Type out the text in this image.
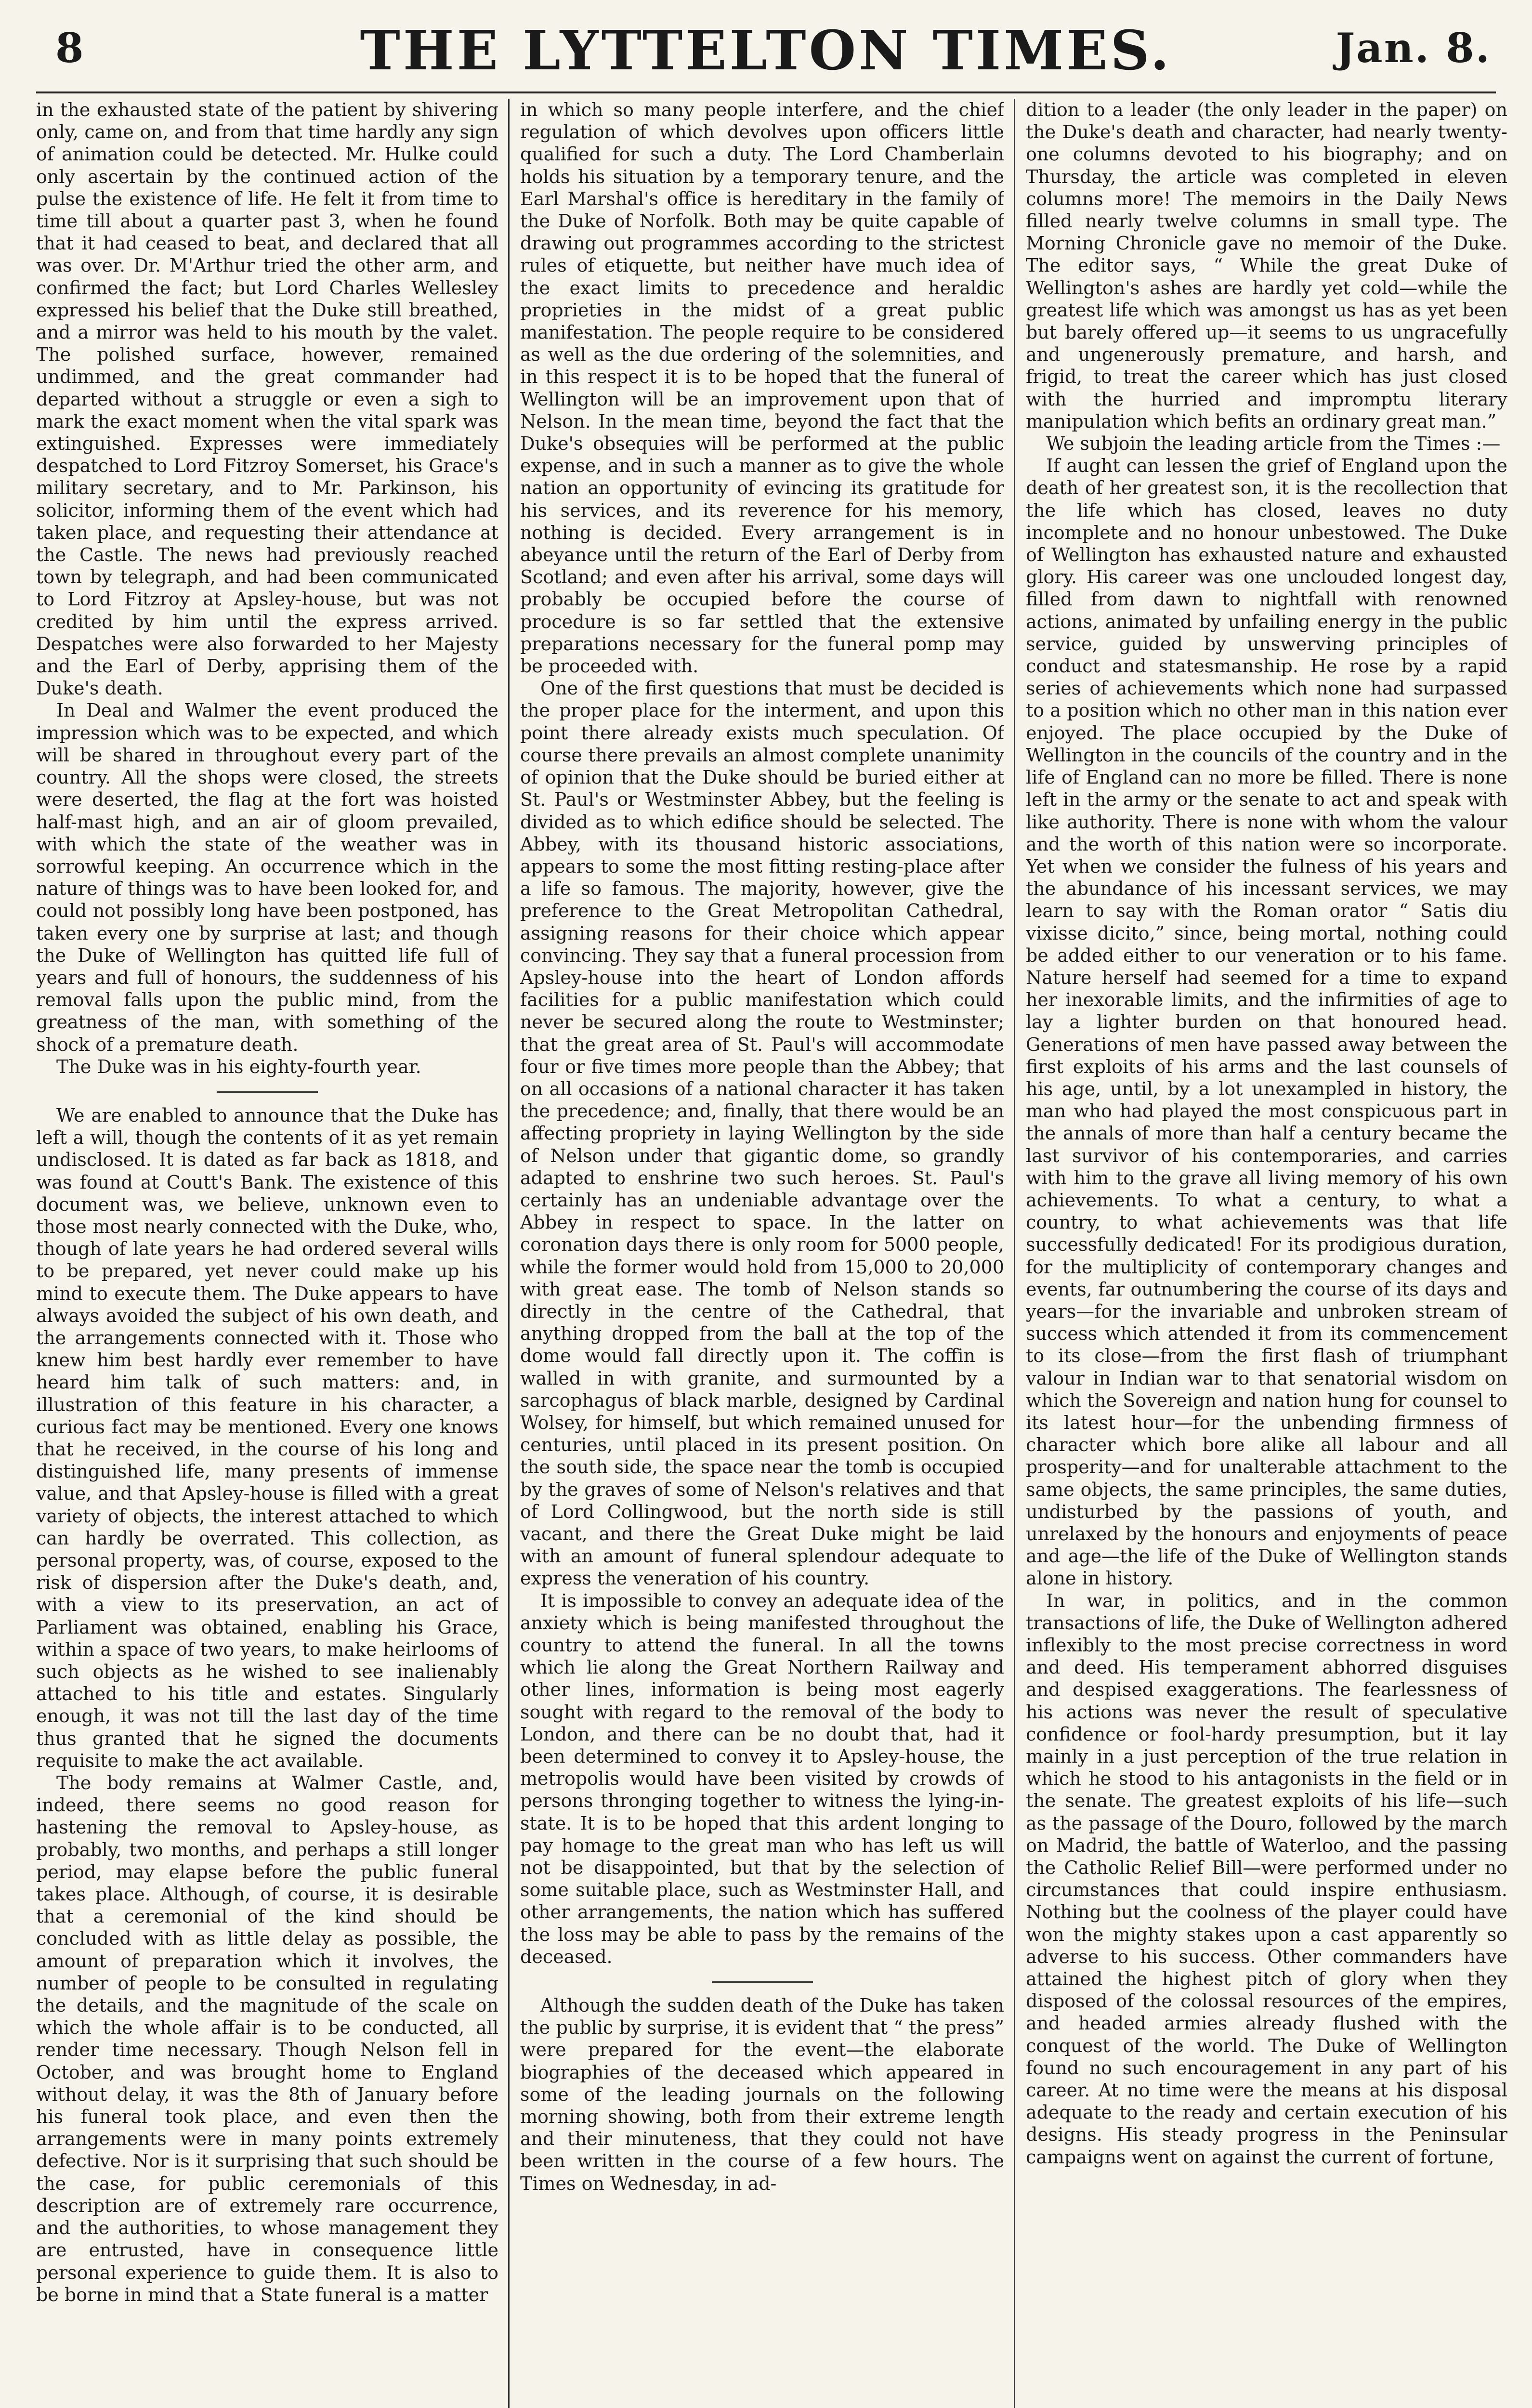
8	THE LYTTELTON TIMES.	Jan. 8.

in the exhausted state of the patient by shivering only, came on, and from that time hardly any sign of animation could be detected. Mr. Hulke could only ascertain by the continued action of the pulse the existence of life. He felt it from time to time till about a quarter past 3, when he found that it had ceased to beat, and declared that all was over. Dr. M'Arthur tried the other arm, and confirmed the fact; but Lord Charles Wellesley expressed his belief that the Duke still breathed, and a mirror was held to his mouth by the valet. The polished surface, however, remained undimmed, and the great commander had departed without a struggle or even a sigh to mark the exact moment when the vital spark was extinguished. Expresses were immediately despatched to Lord Fitzroy Somerset, his Grace's military secretary, and to Mr. Parkinson, his solicitor, informing them of the event which had taken place, and requesting their attendance at the Castle. The news had previously reached town by telegraph, and had been communicated to Lord Fitzroy at Apsley-house, but was not credited by him until the express arrived. Despatches were also forwarded to her Majesty and the Earl of Derby, apprising them of the Duke's death.

In Deal and Walmer the event produced the impression which was to be expected, and which will be shared in throughout every part of the country. All the shops were closed, the streets were deserted, the flag at the fort was hoisted half-mast high, and an air of gloom prevailed, with which the state of the weather was in sorrowful keeping. An occurrence which in the nature of things was to have been looked for, and could not possibly long have been postponed, has taken every one by surprise at last; and though the Duke of Wellington has quitted life full of years and full of honours, the suddenness of his removal falls upon the public mind, from the greatness of the man, with something of the shock of a premature death.

The Duke was in his eighty-fourth year.

We are enabled to announce that the Duke has left a will, though the contents of it as yet remain undisclosed. It is dated as far back as 1818, and was found at Coutt's Bank. The existence of this document was, we believe, unknown even to those most nearly connected with the Duke, who, though of late years he had ordered several wills to be prepared, yet never could make up his mind to execute them. The Duke appears to have always avoided the subject of his own death, and the arrangements connected with it. Those who knew him best hardly ever remember to have heard him talk of such matters: and, in illustration of this feature in his character, a curious fact may be mentioned. Every one knows that he received, in the course of his long and distinguished life, many presents of immense value, and that Apsley-house is filled with a great variety of objects, the interest attached to which can hardly be overrated. This collection, as personal property, was, of course, exposed to the risk of dispersion after the Duke's death, and, with a view to its preservation, an act of Parliament was obtained, enabling his Grace, within a space of two years, to make heirlooms of such objects as he wished to see inalienably attached to his title and estates. Singularly enough, it was not till the last day of the time thus granted that he signed the documents requisite to make the act available.

The body remains at Walmer Castle, and, indeed, there seems no good reason for hastening the removal to Apsley-house, as probably, two months, and perhaps a still longer period, may elapse before the public funeral takes place. Although, of course, it is desirable that a ceremonial of the kind should be concluded with as little delay as possible, the amount of preparation which it involves, the number of people to be consulted in regulating the details, and the magnitude of the scale on which the whole affair is to be conducted, all render time necessary. Though Nelson fell in October, and was brought home to England without delay, it was the 8th of January before his funeral took place, and even then the arrangements were in many points extremely defective. Nor is it surprising that such should be the case, for public ceremonials of this description are of extremely rare occurrence, and the authorities, to whose management they are entrusted, have in consequence little personal experience to guide them. It is also to be borne in mind that a State funeral is a matter

in which so many people interfere, and the chief regulation of which devolves upon officers little qualified for such a duty. The Lord Chamberlain holds his situation by a temporary tenure, and the Earl Marshal's office is hereditary in the family of the Duke of Norfolk. Both may be quite capable of drawing out programmes according to the strictest rules of etiquette, but neither have much idea of the exact limits to precedence and heraldic proprieties in the midst of a great public manifestation. The people require to be considered as well as the due ordering of the solemnities, and in this respect it is to be hoped that the funeral of Wellington will be an improvement upon that of Nelson. In the mean time, beyond the fact that the Duke's obsequies will be performed at the public expense, and in such a manner as to give the whole nation an opportunity of evincing its gratitude for his services, and its reverence for his memory, nothing is decided. Every arrangement is in abeyance until the return of the Earl of Derby from Scotland; and even after his arrival, some days will probably be occupied before the course of procedure is so far settled that the extensive preparations necessary for the funeral pomp may be proceeded with.

One of the first questions that must be decided is the proper place for the interment, and upon this point there already exists much speculation. Of course there prevails an almost complete unanimity of opinion that the Duke should be buried either at St. Paul's or Westminster Abbey, but the feeling is divided as to which edifice should be selected. The Abbey, with its thousand historic associations, appears to some the most fitting resting-place after a life so famous. The majority, however, give the preference to the Great Metropolitan Cathedral, assigning reasons for their choice which appear convincing. They say that a funeral procession from Apsley-house into the heart of London affords facilities for a public manifestation which could never be secured along the route to Westminster; that the great area of St. Paul's will accommodate four or five times more people than the Abbey; that on all occasions of a national character it has taken the precedence; and, finally, that there would be an affecting propriety in laying Wellington by the side of Nelson under that gigantic dome, so grandly adapted to enshrine two such heroes. St. Paul's certainly has an undeniable advantage over the Abbey in respect to space. In the latter on coronation days there is only room for 5000 people, while the former would hold from 15,000 to 20,000 with great ease. The tomb of Nelson stands so directly in the centre of the Cathedral, that anything dropped from the ball at the top of the dome would fall directly upon it. The coffin is walled in with granite, and surmounted by a sarcophagus of black marble, designed by Cardinal Wolsey, for himself, but which remained unused for centuries, until placed in its present position. On the south side, the space near the tomb is occupied by the graves of some of Nelson's relatives and that of Lord Collingwood, but the north side is still vacant, and there the Great Duke might be laid with an amount of funeral splendour adequate to express the veneration of his country.

It is impossible to convey an adequate idea of the anxiety which is being manifested throughout the country to attend the funeral. In all the towns which lie along the Great Northern Railway and other lines, information is being most eagerly sought with regard to the removal of the body to London, and there can be no doubt that, had it been determined to convey it to Apsley-house, the metropolis would have been visited by crowds of persons thronging together to witness the lying-in-state. It is to be hoped that this ardent longing to pay homage to the great man who has left us will not be disappointed, but that by the selection of some suitable place, such as Westminster Hall, and other arrangements, the nation which has suffered the loss may be able to pass by the remains of the deceased.

Although the sudden death of the Duke has taken the public by surprise, it is evident that “ the press” were prepared for the event—the elaborate biographies of the deceased which appeared in some of the leading journals on the following morning showing, both from their extreme length and their minuteness, that they could not have been written in the course of a few hours. The Times on Wednesday, in ad-

dition to a leader (the only leader in the paper) on the Duke's death and character, had nearly twenty-one columns devoted to his biography; and on Thursday, the article was completed in eleven columns more! The memoirs in the Daily News filled nearly twelve columns in small type. The Morning Chronicle gave no memoir of the Duke. The editor says, “ While the great Duke of Wellington's ashes are hardly yet cold—while the greatest life which was amongst us has as yet been but barely offered up—it seems to us ungracefully and ungenerously premature, and harsh, and frigid, to treat the career which has just closed with the hurried and impromptu literary manipulation which befits an ordinary great man.”

We subjoin the leading article from the Times :—

If aught can lessen the grief of England upon the death of her greatest son, it is the recollection that the life which has closed, leaves no duty incomplete and no honour unbestowed. The Duke of Wellington has exhausted nature and exhausted glory. His career was one unclouded longest day, filled from dawn to nightfall with renowned actions, animated by unfailing energy in the public service, guided by unswerving principles of conduct and statesmanship. He rose by a rapid series of achievements which none had surpassed to a position which no other man in this nation ever enjoyed. The place occupied by the Duke of Wellington in the councils of the country and in the life of England can no more be filled. There is none left in the army or the senate to act and speak with like authority. There is none with whom the valour and the worth of this nation were so incorporate. Yet when we consider the fulness of his years and the abundance of his incessant services, we may learn to say with the Roman orator “ Satis diu vixisse dicito,” since, being mortal, nothing could be added either to our veneration or to his fame. Nature herself had seemed for a time to expand her inexorable limits, and the infirmities of age to lay a lighter burden on that honoured head. Generations of men have passed away between the first exploits of his arms and the last counsels of his age, until, by a lot unexampled in history, the man who had played the most conspicuous part in the annals of more than half a century became the last survivor of his contemporaries, and carries with him to the grave all living memory of his own achievements. To what a century, to what a country, to what achievements was that life successfully dedicated! For its prodigious duration, for the multiplicity of contemporary changes and events, far outnumbering the course of its days and years—for the invariable and unbroken stream of success which attended it from its commencement to its close—from the first flash of triumphant valour in Indian war to that senatorial wisdom on which the Sovereign and nation hung for counsel to its latest hour—for the unbending firmness of character which bore alike all labour and all prosperity—and for unalterable attachment to the same objects, the same principles, the same duties, undisturbed by the passions of youth, and unrelaxed by the honours and enjoyments of peace and age—the life of the Duke of Wellington stands alone in history.

In war, in politics, and in the common transactions of life, the Duke of Wellington adhered inflexibly to the most precise correctness in word and deed. His temperament abhorred disguises and despised exaggerations. The fearlessness of his actions was never the result of speculative confidence or fool-hardy presumption, but it lay mainly in a just perception of the true relation in which he stood to his antagonists in the field or in the senate. The greatest exploits of his life—such as the passage of the Douro, followed by the march on Madrid, the battle of Waterloo, and the passing the Catholic Relief Bill—were performed under no circumstances that could inspire enthusiasm. Nothing but the coolness of the player could have won the mighty stakes upon a cast apparently so adverse to his success. Other commanders have attained the highest pitch of glory when they disposed of the colossal resources of the empires, and headed armies already flushed with the conquest of the world. The Duke of Wellington found no such encouragement in any part of his career. At no time were the means at his disposal adequate to the ready and certain execution of his designs. His steady progress in the Peninsular campaigns went on against the current of fortune,
